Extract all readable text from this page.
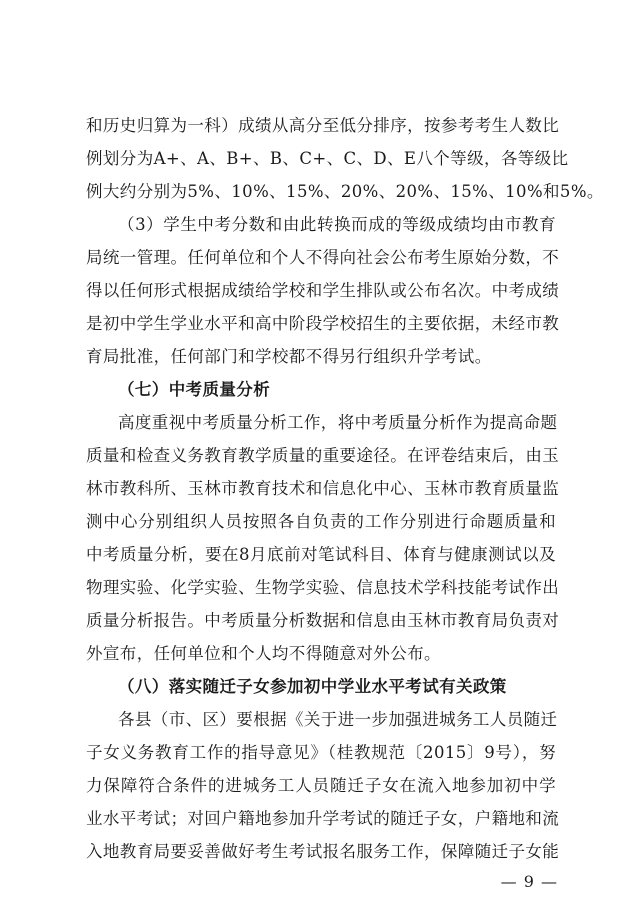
和历史归算为一科）成绩从高分至低分排序，按参考考生人数比
例划分为A+、A、B+、B、C+、C、D、E八个等级，各等级比
例大约分别为5%、10%、15%、20%、20%、15%、10%和5%。
（3）学生中考分数和由此转换而成的等级成绩均由市教育
局统一管理。任何单位和个人不得向社会公布考生原始分数，不
得以任何形式根据成绩给学校和学生排队或公布名次。中考成绩
是初中学生学业水平和高中阶段学校招生的主要依据，未经市教
育局批准，任何部门和学校都不得另行组织升学考试。
（七）中考质量分析
高度重视中考质量分析工作，将中考质量分析作为提高命题
质量和检查义务教育教学质量的重要途径。在评卷结束后，由玉
林市教科所、玉林市教育技术和信息化中心、玉林市教育质量监
测中心分别组织人员按照各自负责的工作分别进行命题质量和
中考质量分析，要在8月底前对笔试科目、体育与健康测试以及
物理实验、化学实验、生物学实验、信息技术学科技能考试作出
质量分析报告。中考质量分析数据和信息由玉林市教育局负责对
外宣布，任何单位和个人均不得随意对外公布。
（八）落实随迁子女参加初中学业水平考试有关政策
各县（市、区）要根据《关于进一步加强进城务工人员随迁
子女义务教育工作的指导意见》（桂教规范〔2015〕9号），努
力保障符合条件的进城务工人员随迁子女在流入地参加初中学
业水平考试；对回户籍地参加升学考试的随迁子女，户籍地和流
入地教育局要妥善做好考生考试报名服务工作，保障随迁子女能
— 9 —
